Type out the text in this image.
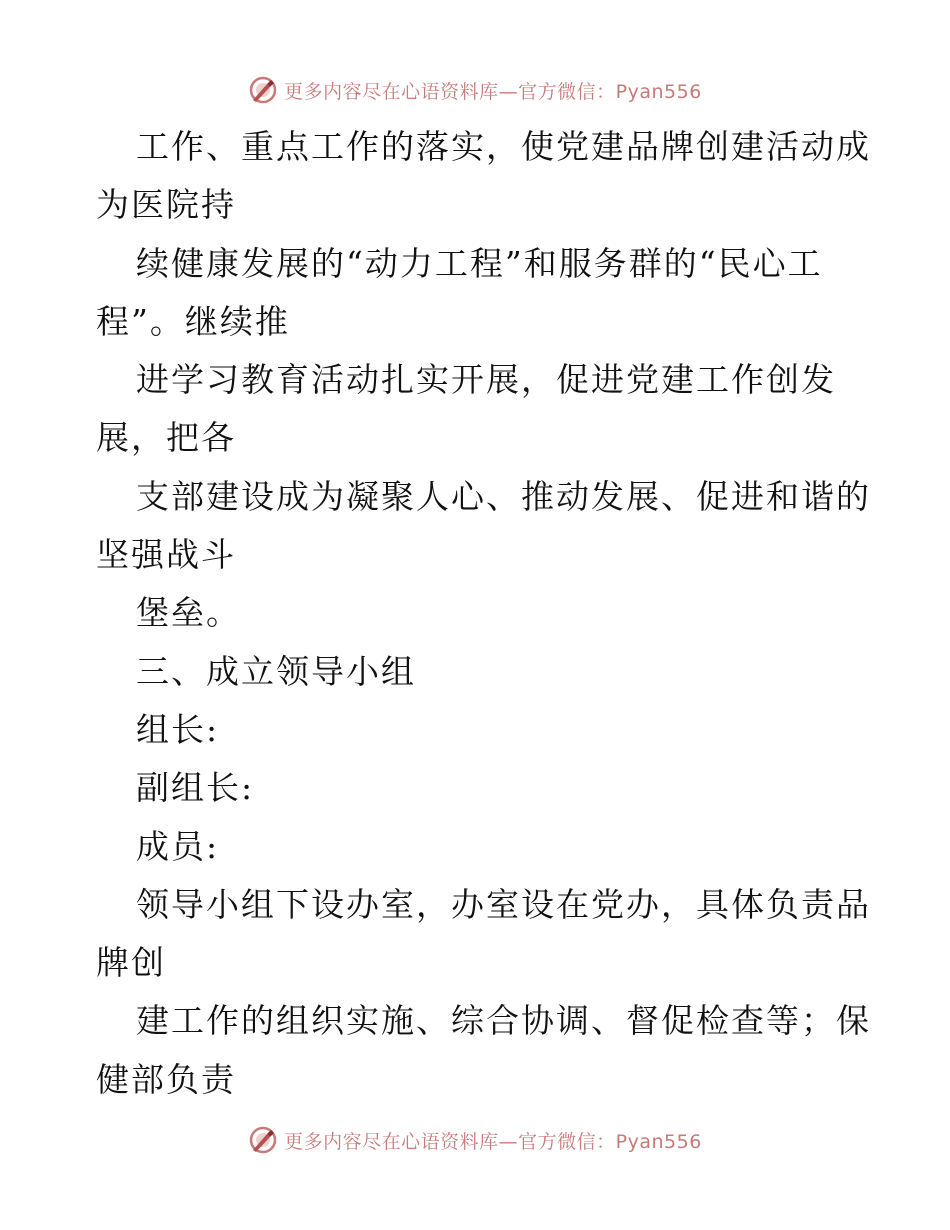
更多内容尽在心语资料库—官方微信：Pyan556
工作、重点工作的落实，使党建品牌创建活动成
为医院持
续健康发展的“动力工程”和服务群的“民心工
程”。继续推
进学习教育活动扎实开展，促进党建工作创发
展，把各
支部建设成为凝聚人心、推动发展、促进和谐的
坚强战斗
堡垒。
三、成立领导小组
组长:
副组长:
成员:
领导小组下设办室，办室设在党办，具体负责品
牌创
建工作的组织实施、综合协调、督促检查等；保
健部负责
更多内容尽在心语资料库—官方微信：Pyan556
